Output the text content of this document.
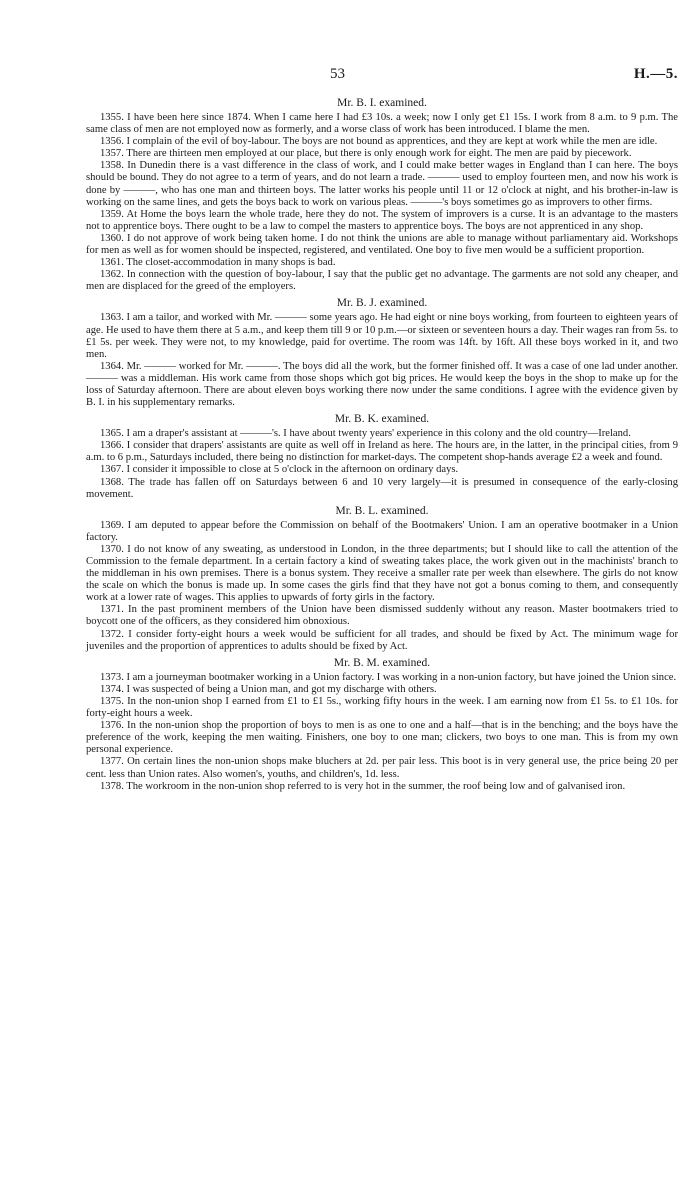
53	H.—5.
Mr. B. I. examined.

1355. I have been here since 1874. When I came here I had £3 10s. a week; now I only get £1 15s. I work from 8 a.m. to 9 p.m. The same class of men are not employed now as formerly, and a worse class of work has been introduced. I blame the men.

1356. I complain of the evil of boy-labour. The boys are not bound as apprentices, and they are kept at work while the men are idle.

1357. There are thirteen men employed at our place, but there is only enough work for eight. The men are paid by piecework.

1358. In Dunedin there is a vast difference in the class of work, and I could make better wages in England than I can here. The boys should be bound. They do not agree to a term of years, and do not learn a trade. ——— used to employ fourteen men, and now his work is done by ———, who has one man and thirteen boys. The latter works his people until 11 or 12 o'clock at night, and his brother-in-law is working on the same lines, and gets the boys back to work on various pleas. ———'s boys sometimes go as improvers to other firms.

1359. At Home the boys learn the whole trade, here they do not. The system of improvers is a curse. It is an advantage to the masters not to apprentice boys. There ought to be a law to compel the masters to apprentice boys. The boys are not apprenticed in any shop.

1360. I do not approve of work being taken home. I do not think the unions are able to manage without parliamentary aid. Workshops for men as well as for women should be inspected, registered, and ventilated. One boy to five men would be a sufficient proportion.

1361. The closet-accommodation in many shops is bad.

1362. In connection with the question of boy-labour, I say that the public get no advantage. The garments are not sold any cheaper, and men are displaced for the greed of the employers.

Mr. B. J. examined.

1363. I am a tailor, and worked with Mr. ——— some years ago. He had eight or nine boys working, from fourteen to eighteen years of age. He used to have them there at 5 a.m., and keep them till 9 or 10 p.m.—or sixteen or seventeen hours a day. Their wages ran from 5s. to £1 5s. per week. They were not, to my knowledge, paid for overtime. The room was 14ft. by 16ft. All these boys worked in it, and two men.

1364. Mr. ——— worked for Mr. ———. The boys did all the work, but the former finished off. It was a case of one lad under another. ——— was a middleman. His work came from those shops which got big prices. He would keep the boys in the shop to make up for the loss of Saturday afternoon. There are about eleven boys working there now under the same conditions. I agree with the evidence given by B. I. in his supplementary remarks.

Mr. B. K. examined.

1365. I am a draper's assistant at ———'s. I have about twenty years' experience in this colony and the old country—Ireland.

1366. I consider that drapers' assistants are quite as well off in Ireland as here. The hours are, in the latter, in the principal cities, from 9 a.m. to 6 p.m., Saturdays included, there being no distinction for market-days. The competent shop-hands average £2 a week and found.

1367. I consider it impossible to close at 5 o'clock in the afternoon on ordinary days.

1368. The trade has fallen off on Saturdays between 6 and 10 very largely—it is presumed in consequence of the early-closing movement.

Mr. B. L. examined.

1369. I am deputed to appear before the Commission on behalf of the Bootmakers' Union. I am an operative bootmaker in a Union factory.

1370. I do not know of any sweating, as understood in London, in the three departments; but I should like to call the attention of the Commission to the female department. In a certain factory a kind of sweating takes place, the work given out in the machinists' branch to the middleman in his own premises. There is a bonus system. They receive a smaller rate per week than elsewhere. The girls do not know the scale on which the bonus is made up. In some cases the girls find that they have not got a bonus coming to them, and consequently work at a lower rate of wages. This applies to upwards of forty girls in the factory.

1371. In the past prominent members of the Union have been dismissed suddenly without any reason. Master bootmakers tried to boycott one of the officers, as they considered him obnoxious.

1372. I consider forty-eight hours a week would be sufficient for all trades, and should be fixed by Act. The minimum wage for juveniles and the proportion of apprentices to adults should be fixed by Act.

Mr. B. M. examined.

1373. I am a journeyman bootmaker working in a Union factory. I was working in a non-union factory, but have joined the Union since.

1374. I was suspected of being a Union man, and got my discharge with others.

1375. In the non-union shop I earned from £1 to £1 5s., working fifty hours in the week. I am earning now from £1 5s. to £1 10s. for forty-eight hours a week.

1376. In the non-union shop the proportion of boys to men is as one to one and a half—that is in the benching; and the boys have the preference of the work, keeping the men waiting. Finishers, one boy to one man; clickers, two boys to one man. This is from my own personal experience.

1377. On certain lines the non-union shops make bluchers at 2d. per pair less. This boot is in very general use, the price being 20 per cent. less than Union rates. Also women's, youths, and children's, 1d. less.

1378. The workroom in the non-union shop referred to is very hot in the summer, the roof being low and of galvanised iron.
